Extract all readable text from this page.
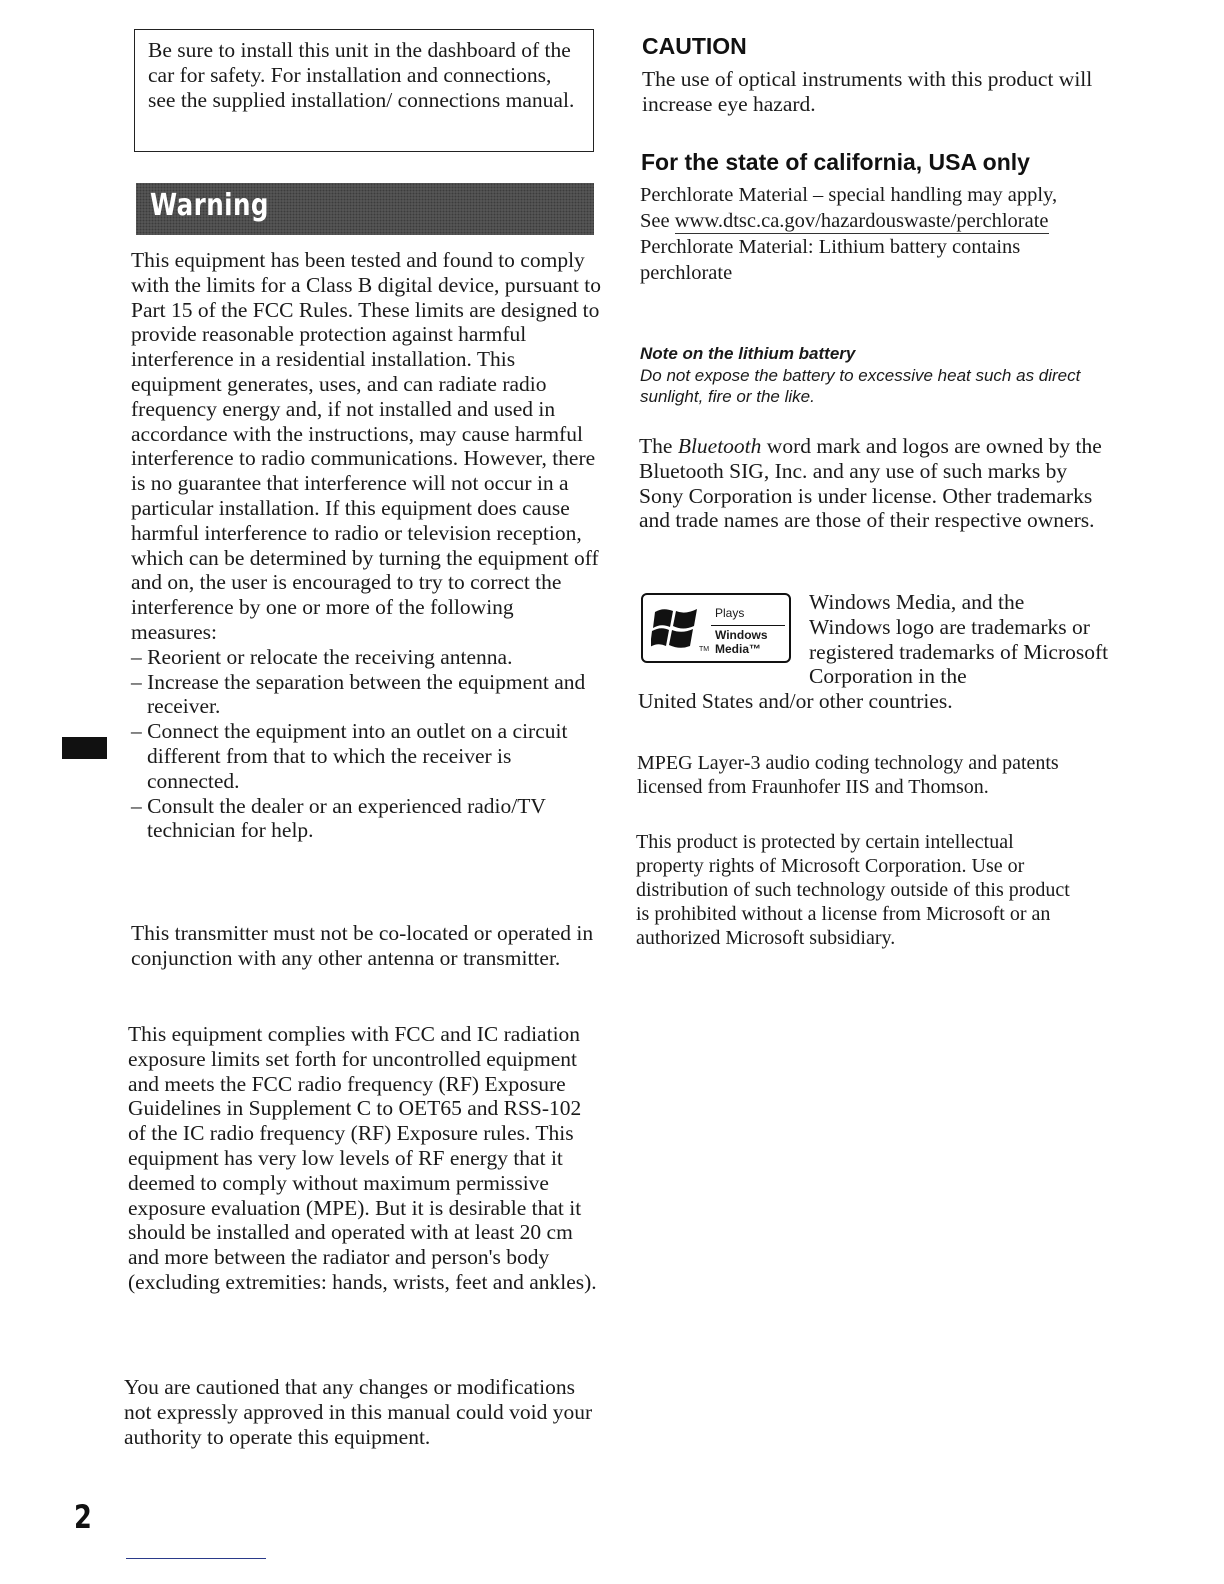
Be sure to install this unit in the dashboard of the car for safety. For installation and connections, see the supplied installation/ connections manual.

Warning

This equipment has been tested and found to comply with the limits for a Class B digital device, pursuant to Part 15 of the FCC Rules. These limits are designed to provide reasonable protection against harmful interference in a residential installation. This equipment generates, uses, and can radiate radio frequency energy and, if not installed and used in accordance with the instructions, may cause harmful interference to radio communications. However, there is no guarantee that interference will not occur in a particular installation. If this equipment does cause harmful interference to radio or television reception, which can be determined by turning the equipment off and on, the user is encouraged to try to correct the interference by one or more of the following measures:

– Reorient or relocate the receiving antenna.
– Increase the separation between the equipment and receiver.
– Connect the equipment into an outlet on a circuit different from that to which the receiver is connected.
– Consult the dealer or an experienced radio/TV technician for help.

This transmitter must not be co-located or operated in conjunction with any other antenna or transmitter.

This equipment complies with FCC and IC radiation exposure limits set forth for uncontrolled equipment and meets the FCC radio frequency (RF) Exposure Guidelines in Supplement C to OET65 and RSS-102 of the IC radio frequency (RF) Exposure rules. This equipment has very low levels of RF energy that it deemed to comply without maximum permissive exposure evaluation (MPE). But it is desirable that it should be installed and operated with at least 20 cm and more between the radiator and person's body (excluding extremities: hands, wrists, feet and ankles).

You are cautioned that any changes or modifications not expressly approved in this manual could void your authority to operate this equipment.

2
CAUTION

The use of optical instruments with this product will increase eye hazard.

For the state of california, USA only

Perchlorate Material – special handling may apply,

See www.dtsc.ca.gov/hazardouswaste/perchlorate

Perchlorate Material: Lithium battery contains perchlorate

Note on the lithium battery

Do not expose the battery to excessive heat such as direct sunlight, fire or the like.

The Bluetooth word mark and logos are owned by the Bluetooth SIG, Inc. and any use of such marks by Sony Corporation is under license. Other trademarks and trade names are those of their respective owners.

Plays
Windows
Media™
TM

Windows Media, and the Windows logo are trademarks or registered trademarks of Microsoft Corporation in the

United States and/or other countries.

MPEG Layer-3 audio coding technology and patents licensed from Fraunhofer IIS and Thomson.

This product is protected by certain intellectual property rights of Microsoft Corporation. Use or distribution of such technology outside of this product is prohibited without a license from Microsoft or an authorized Microsoft subsidiary.
